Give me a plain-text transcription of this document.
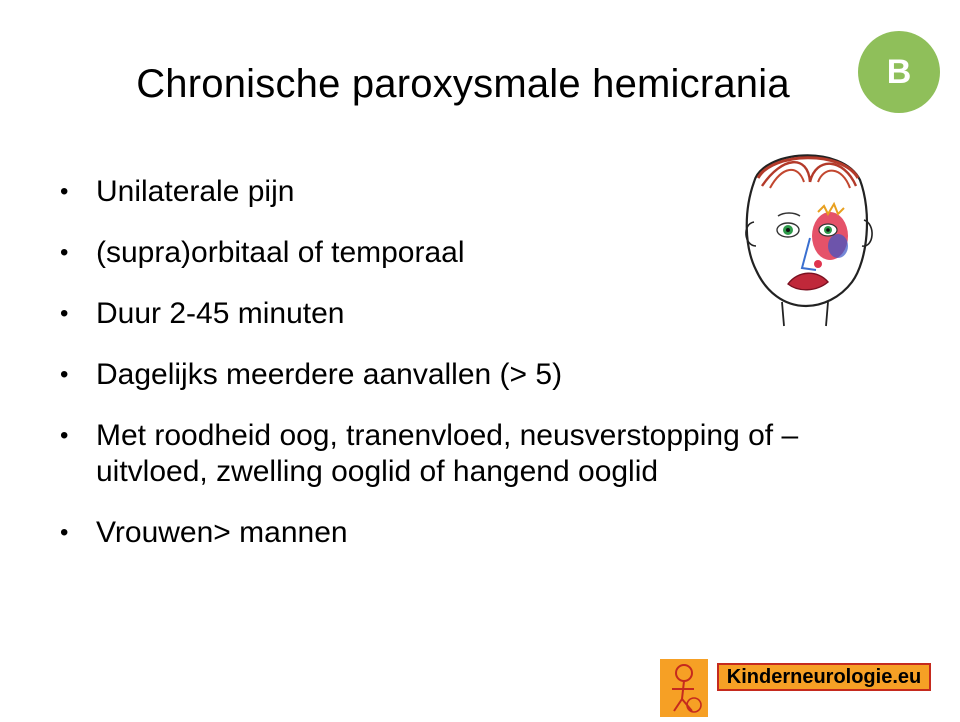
Chronische paroxysmale hemicrania	B
• Unilaterale pijn
• (supra)orbitaal of temporaal
• Duur 2-45 minuten
• Dagelijks meerdere aanvallen (> 5)
• Met roodheid oog, tranenvloed, neusverstopping of –uitvloed, zwelling ooglid of hangend ooglid
• Vrouwen> mannen
Kinderneurologie.eu
